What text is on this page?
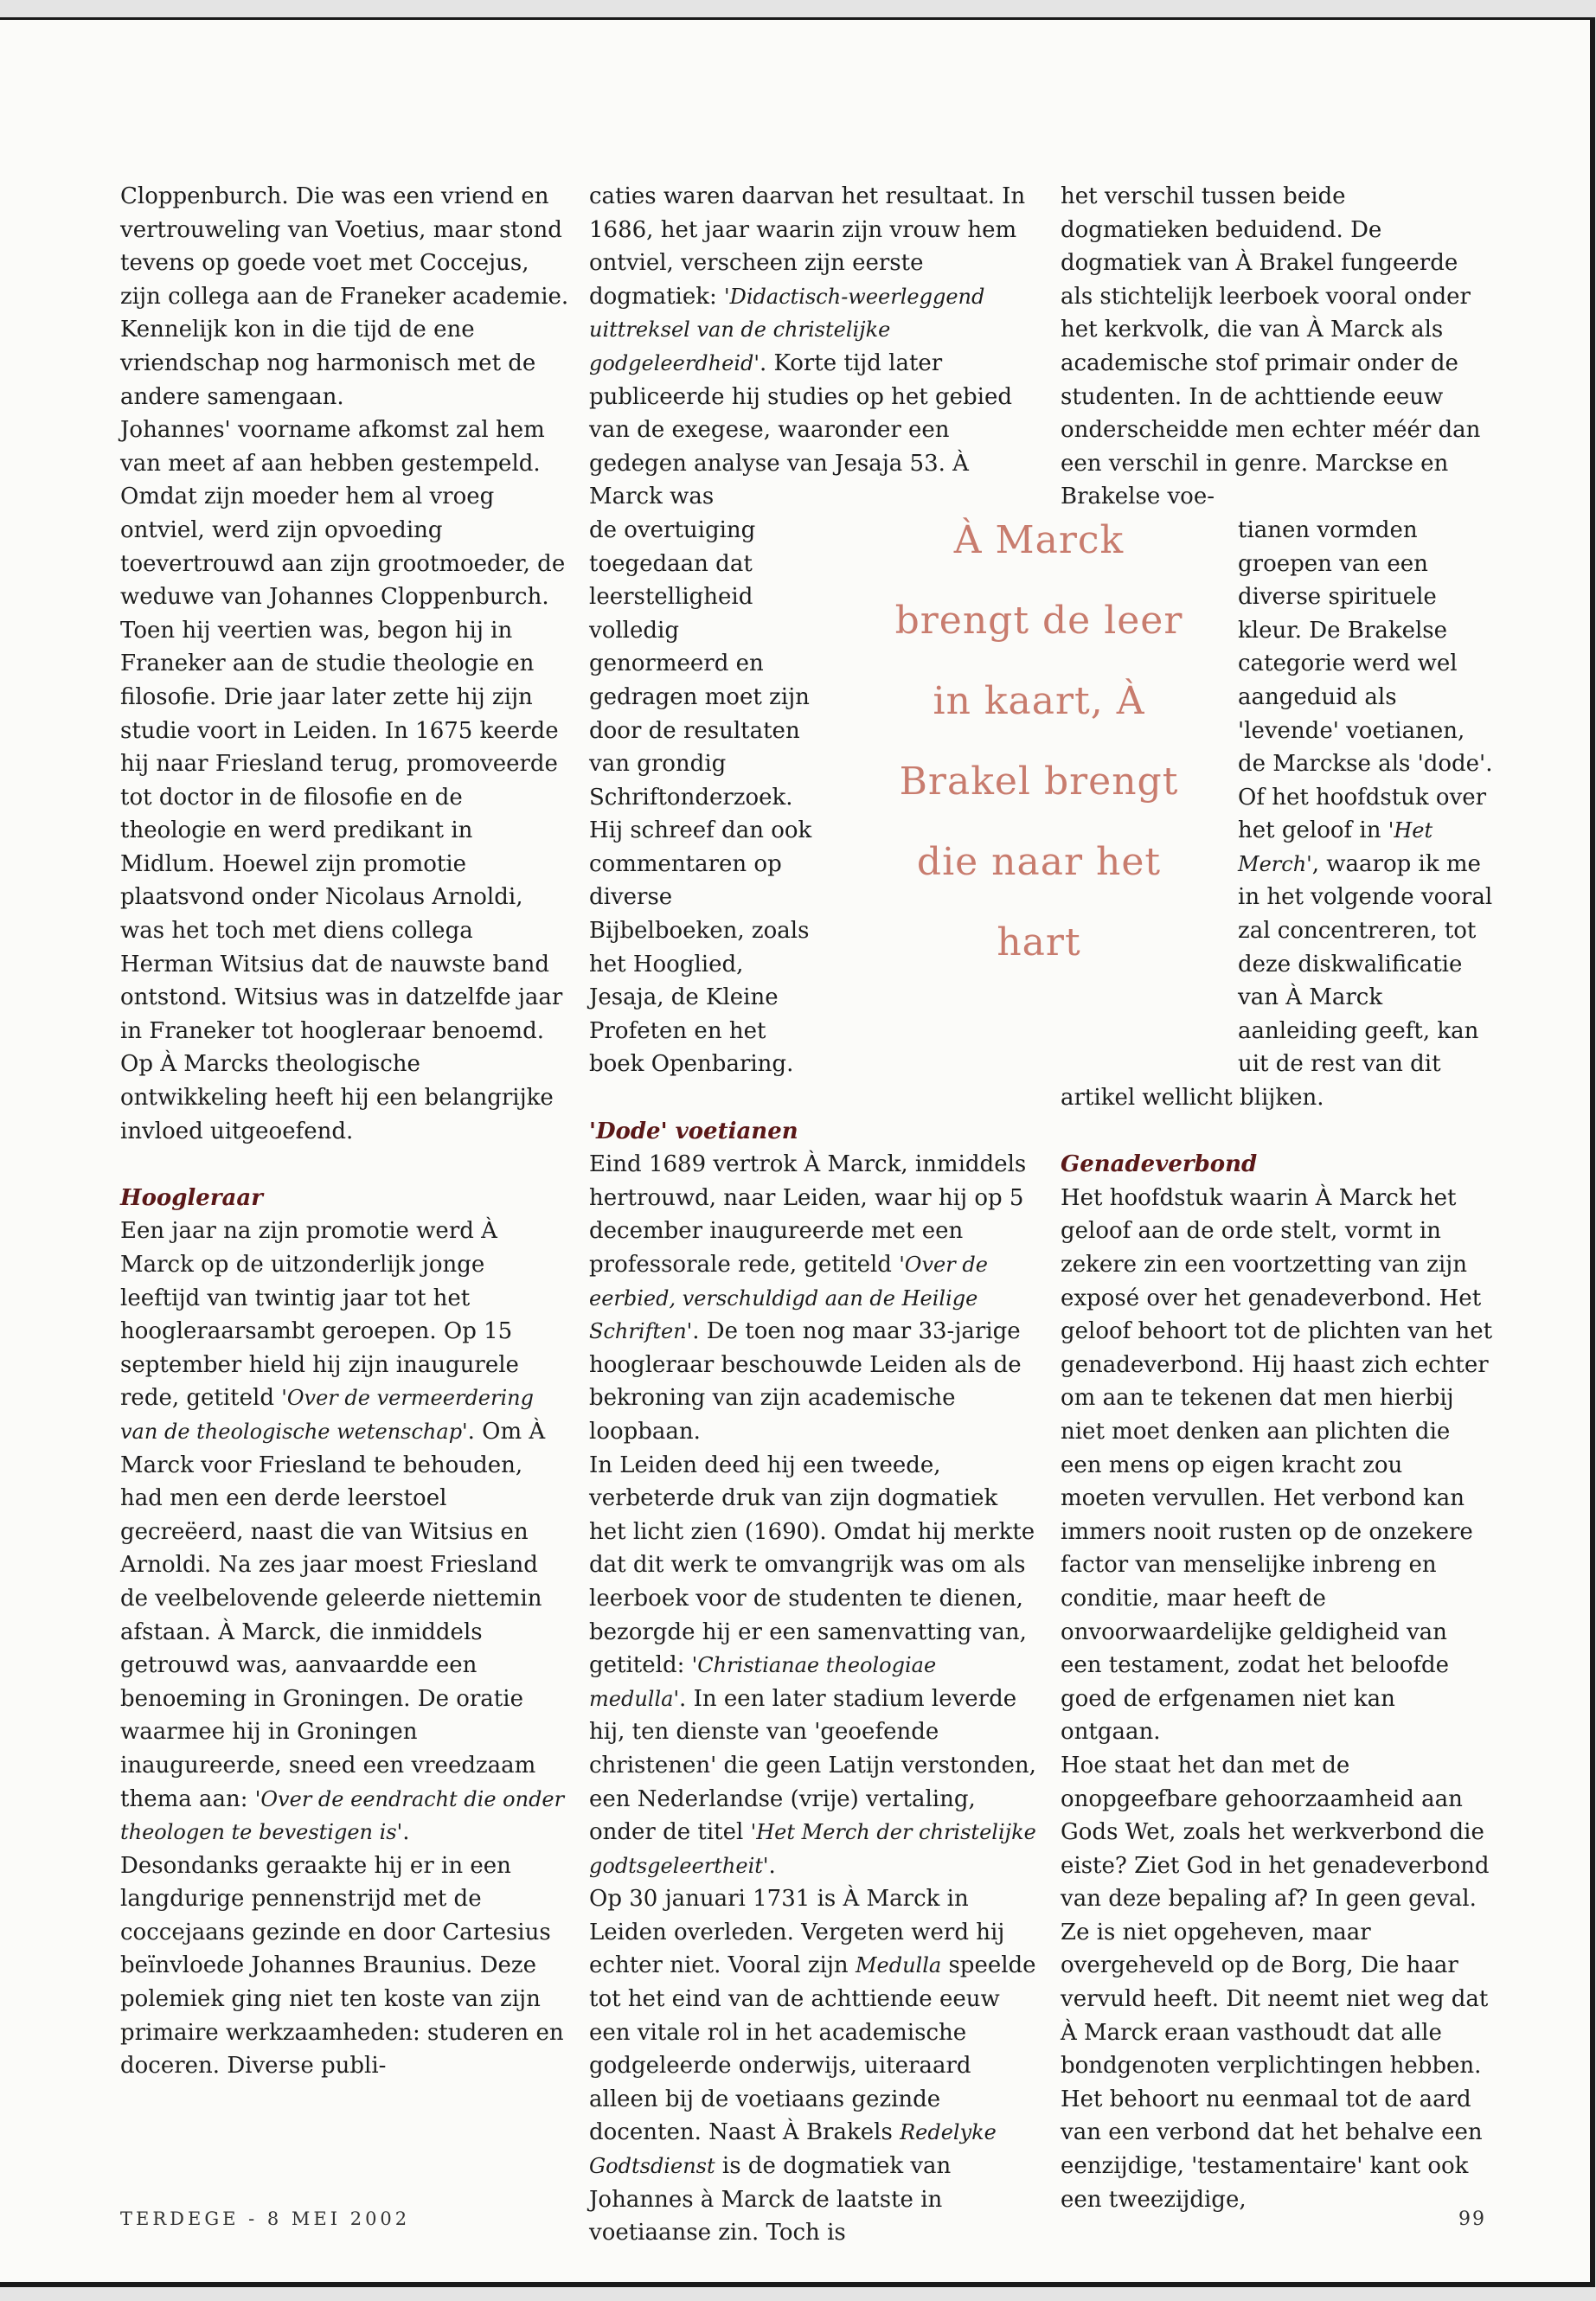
Cloppenburch. Die was een vriend en vertrouweling van Voetius, maar stond tevens op goede voet met Coccejus, zijn collega aan de Franeker academie. Kennelijk kon in die tijd de ene vriendschap nog harmonisch met de andere samengaan.

Johannes' voorname afkomst zal hem van meet af aan hebben gestempeld. Omdat zijn moeder hem al vroeg ontviel, werd zijn opvoeding toevertrouwd aan zijn grootmoeder, de weduwe van Johannes Cloppenburch. Toen hij veertien was, begon hij in Franeker aan de studie theologie en filosofie. Drie jaar later zette hij zijn studie voort in Leiden. In 1675 keerde hij naar Friesland terug, promoveerde tot doctor in de filosofie en de theologie en werd predikant in Midlum. Hoewel zijn promotie plaatsvond onder Nicolaus Arnoldi, was het toch met diens collega Herman Witsius dat de nauwste band ontstond. Witsius was in datzelfde jaar in Franeker tot hoogleraar benoemd. Op À Marcks theologische ontwikkeling heeft hij een belangrijke invloed uitgeoefend.

Hoogleraar

Een jaar na zijn promotie werd À Marck op de uitzonderlijk jonge leeftijd van twintig jaar tot het hoogleraarsambt geroepen. Op 15 september hield hij zijn inaugurele rede, getiteld 'Over de vermeerdering van de theologische wetenschap'. Om À Marck voor Friesland te behouden, had men een derde leerstoel gecreëerd, naast die van Witsius en Arnoldi. Na zes jaar moest Friesland de veelbelovende geleerde niettemin afstaan. À Marck, die inmiddels getrouwd was, aanvaardde een benoeming in Groningen. De oratie waarmee hij in Groningen inaugureerde, sneed een vreedzaam thema aan: 'Over de eendracht die onder theologen te bevestigen is'.

Desondanks geraakte hij er in een langdurige pennenstrijd met de coccejaans gezinde en door Cartesius beïnvloede Johannes Braunius. Deze polemiek ging niet ten koste van zijn primaire werkzaamheden: studeren en doceren. Diverse publi-

caties waren daarvan het resultaat. In 1686, het jaar waarin zijn vrouw hem ontviel, verscheen zijn eerste dogmatiek: 'Didactisch-weerleggend uittreksel van de christelijke godgeleerdheid'. Korte tijd later publiceerde hij studies op het gebied van de exegese, waaronder een gedegen analyse van Jesaja 53. À Marck was

de overtuiging toegedaan dat leerstelligheid volledig genormeerd en gedragen moet zijn door de resultaten van grondig Schriftonderzoek. Hij schreef dan ook commentaren op diverse Bijbelboeken, zoals het Hooglied, Jesaja, de Kleine Profeten en het boek Openbaring.

'Dode' voetianen

Eind 1689 vertrok À Marck, inmiddels hertrouwd, naar Leiden, waar hij op 5 december inaugureerde met een professorale rede, getiteld 'Over de eerbied, verschuldigd aan de Heilige Schriften'. De toen nog maar 33-jarige hoogleraar beschouwde Leiden als de bekroning van zijn academische loopbaan.

In Leiden deed hij een tweede, verbeterde druk van zijn dogmatiek het licht zien (1690). Omdat hij merkte dat dit werk te omvangrijk was om als leerboek voor de studenten te dienen, bezorgde hij er een samenvatting van, getiteld: 'Christianae theologiae medulla'. In een later stadium leverde hij, ten dienste van 'geoefende christenen' die geen Latijn verstonden, een Nederlandse (vrije) vertaling, onder de titel 'Het Merch der christelijke godtsgeleertheit'.

Op 30 januari 1731 is À Marck in Leiden overleden. Vergeten werd hij echter niet. Vooral zijn Medulla speelde tot het eind van de achttiende eeuw een vitale rol in het academische godgeleerde onderwijs, uiteraard alleen bij de voetiaans gezinde docenten. Naast À Brakels Redelyke Godtsdienst is de dogmatiek van Johannes à Marck de laatste in voetiaanse zin. Toch is

het verschil tussen beide dogmatieken beduidend. De dogmatiek van À Brakel fungeerde als stichtelijk leerboek vooral onder het kerkvolk, die van À Marck als academische stof primair onder de studenten. In de achttiende eeuw onderscheidde men echter méér dan een verschil in genre. Marckse en Brakelse voe-

tianen vormden groepen van een diverse spirituele kleur. De Brakelse categorie werd wel aangeduid als 'levende' voetianen, de Marckse als 'dode'. Of het hoofdstuk over het geloof in 'Het Merch', waarop ik me in het volgende vooral zal concentreren, tot deze diskwalificatie van À Marck aanleiding geeft, kan uit de rest van dit

artikel wellicht blijken.

Genadeverbond

Het hoofdstuk waarin À Marck het geloof aan de orde stelt, vormt in zekere zin een voortzetting van zijn exposé over het genadeverbond. Het geloof behoort tot de plichten van het genadeverbond. Hij haast zich echter om aan te tekenen dat men hierbij niet moet denken aan plichten die een mens op eigen kracht zou moeten vervullen. Het verbond kan immers nooit rusten op de onzekere factor van menselijke inbreng en conditie, maar heeft de onvoorwaardelijke geldigheid van een testament, zodat het beloofde goed de erfgenamen niet kan ontgaan.

Hoe staat het dan met de onopgeefbare gehoorzaamheid aan Gods Wet, zoals het werkverbond die eiste? Ziet God in het genadeverbond van deze bepaling af? In geen geval. Ze is niet opgeheven, maar overgeheveld op de Borg, Die haar vervuld heeft. Dit neemt niet weg dat À Marck eraan vasthoudt dat alle bondgenoten verplichtingen hebben. Het behoort nu eenmaal tot de aard van een verbond dat het behalve een eenzijdige, 'testamentaire' kant ook een tweezijdige,

À Marck
brengt de leer
in kaart, À
Brakel brengt
die naar het
hart
TERDEGE - 8 MEI 2002	99
